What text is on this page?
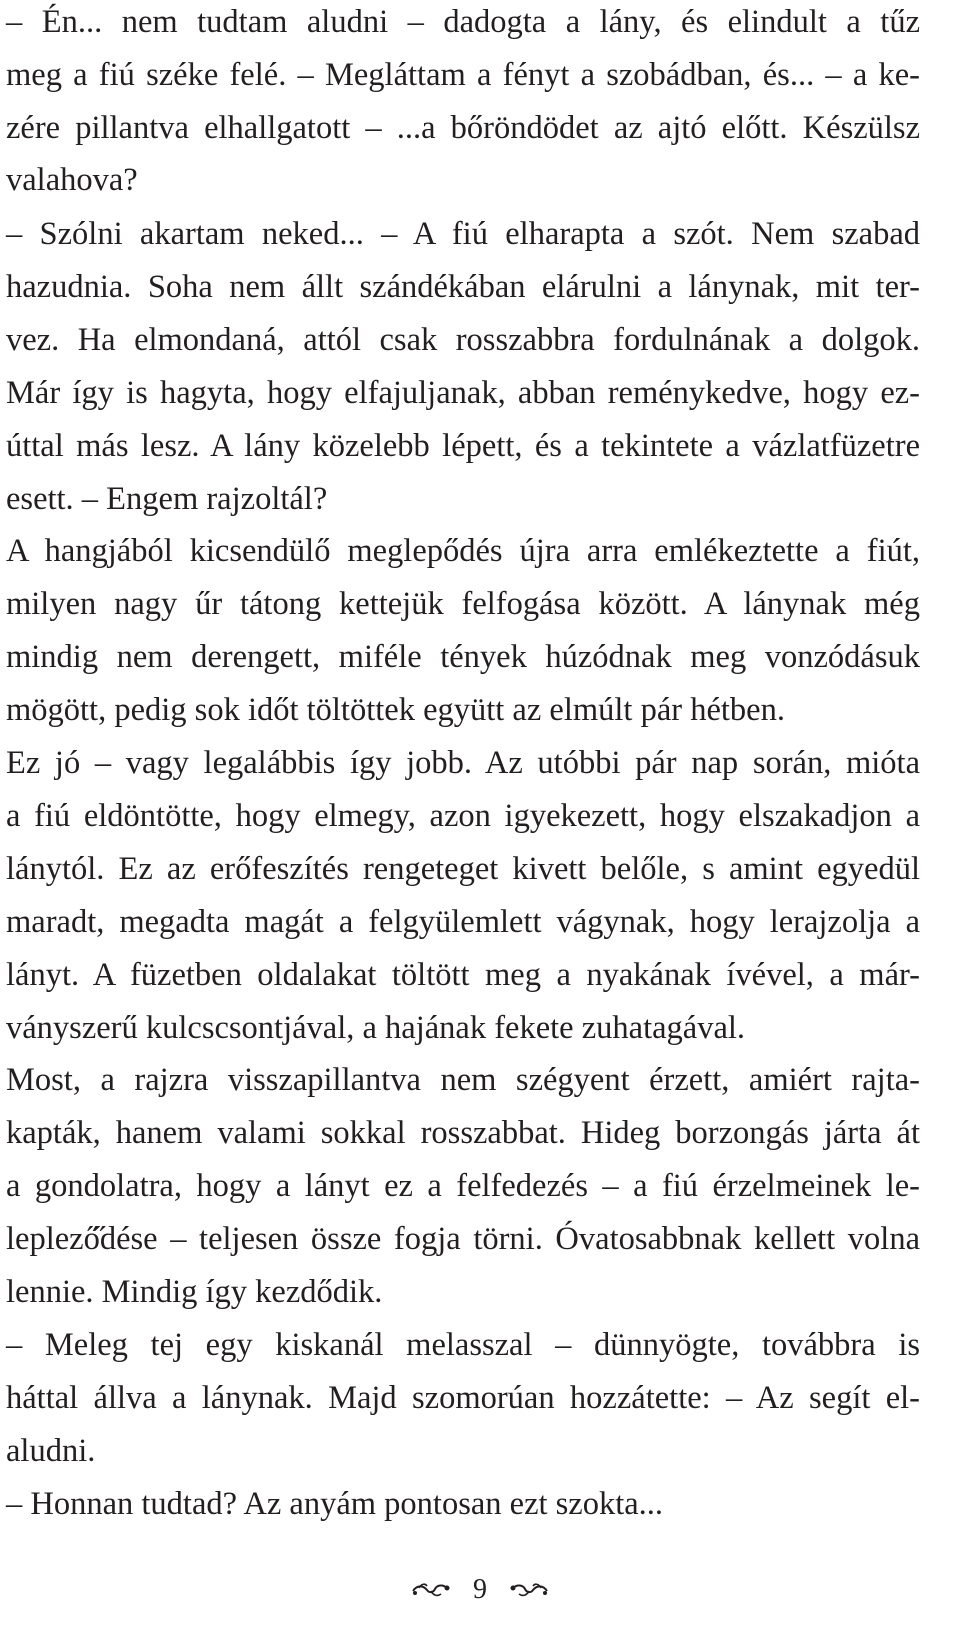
– Én... nem tudtam aludni – dadogta a lány, és elindult a tűz
meg a fiú széke felé. – Megláttam a fényt a szobádban, és... – a ke-
zére pillantva elhallgatott – ...a bőröndödet az ajtó előtt. Készülsz
valahova?
– Szólni akartam neked... – A fiú elharapta a szót. Nem szabad
hazudnia. Soha nem állt szándékában elárulni a lánynak, mit ter-
vez. Ha elmondaná, attól csak rosszabbra fordulnának a dolgok.
Már így is hagyta, hogy elfajuljanak, abban reménykedve, hogy ez-
úttal más lesz. A lány közelebb lépett, és a tekintete a vázlatfüzetre
esett. – Engem rajzoltál?
A hangjából kicsendülő meglepődés újra arra emlékeztette a fiút,
milyen nagy űr tátong kettejük felfogása között. A lánynak még
mindig nem derengett, miféle tények húzódnak meg vonzódásuk
mögött, pedig sok időt töltöttek együtt az elmúlt pár hétben.
Ez jó – vagy legalábbis így jobb. Az utóbbi pár nap során, mióta
a fiú eldöntötte, hogy elmegy, azon igyekezett, hogy elszakadjon a
lánytól. Ez az erőfeszítés rengeteget kivett belőle, s amint egyedül
maradt, megadta magát a felgyülemlett vágynak, hogy lerajzolja a
lányt. A füzetben oldalakat töltött meg a nyakának ívével, a már-
ványszerű kulcscsontjával, a hajának fekete zuhatagával.
Most, a rajzra visszapillantva nem szégyent érzett, amiért rajta-
kapták, hanem valami sokkal rosszabbat. Hideg borzongás járta át
a gondolatra, hogy a lányt ez a felfedezés – a fiú érzelmeinek le-
leplező̋dése – teljesen össze fogja törni. Óvatosabbnak kellett volna
lennie. Mindig így kezdődik.
– Meleg tej egy kiskanál melasszal – dünnyögte, továbbra is
háttal állva a lánynak. Majd szomorúan hozzátette: – Az segít el-
aludni.
– Honnan tudtad? Az anyám pontosan ezt szokta...
9
